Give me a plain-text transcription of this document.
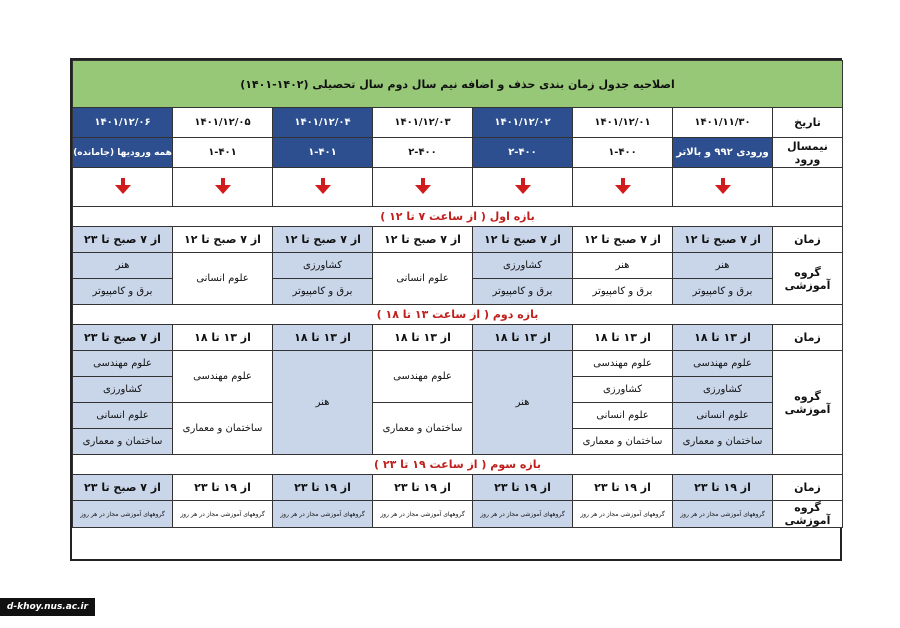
اصلاحیه جدول زمان بندی حذف و اضافه نیم سال دوم سال تحصیلی (۱۴۰۲-۱۴۰۱)							
تاریخ	۱۴۰۱/۱۱/۳۰	۱۴۰۱/۱۲/۰۱	۱۴۰۱/۱۲/۰۲	۱۴۰۱/۱۲/۰۳	۱۴۰۱/۱۲/۰۴	۱۴۰۱/۱۲/۰۵	۱۴۰۱/۱۲/۰۶
نیمسال ورود	ورودی ۹۹۲ و بالاتر	۱-۴۰۰	۲-۴۰۰	۲-۴۰۰	۱-۴۰۱	۱-۴۰۱	همه ورودیها (جامانده)

بازه اول ( از ساعت ۷ تا ۱۲ )							
زمان	از ۷ صبح تا ۱۲	از ۷ صبح تا ۱۲	از ۷ صبح تا ۱۲	از ۷ صبح تا ۱۲	از ۷ صبح تا ۱۲	از ۷ صبح تا ۱۲	از ۷ صبح تا ۲۳
گروه آموزشی	هنر	هنر	کشاورزی	علوم انسانی	کشاورزی	علوم انسانی	هنر
	برق و کامپیوتر	برق و کامپیوتر	برق و کامپیوتر		برق و کامپیوتر		برق و کامپیوتر
بازه دوم ( از ساعت ۱۳ تا ۱۸ )							
زمان	از ۱۳ تا ۱۸	از ۱۳ تا ۱۸	از ۱۳ تا ۱۸	از ۱۳ تا ۱۸	از ۱۳ تا ۱۸	از ۱۳ تا ۱۸	از ۷ صبح تا ۲۳
گروه آموزشی	علوم مهندسی	علوم مهندسی	هنر	علوم مهندسی	هنر	علوم مهندسی	علوم مهندسی
	کشاورزی	کشاورزی					کشاورزی
	علوم انسانی	علوم انسانی		ساختمان و معماری		ساختمان و معماری	علوم انسانی
	ساختمان و معماری	ساختمان و معماری					ساختمان و معماری
بازه سوم ( از ساعت ۱۹ تا ۲۳ )							
زمان	از ۱۹ تا ۲۳	از ۱۹ تا ۲۳	از ۱۹ تا ۲۳	از ۱۹ تا ۲۳	از ۱۹ تا ۲۳	از ۱۹ تا ۲۳	از ۷ صبح تا ۲۳
گروه آموزشی	گروههای آموزشی مجاز در هر روز	گروههای آموزشی مجاز در هر روز	گروههای آموزشی مجاز در هر روز	گروههای آموزشی مجاز در هر روز	گروههای آموزشی مجاز در هر روز	گروههای آموزشی مجاز در هر روز	گروههای آموزشی مجاز در هر روز
d-khoy.nus.ac.ir
